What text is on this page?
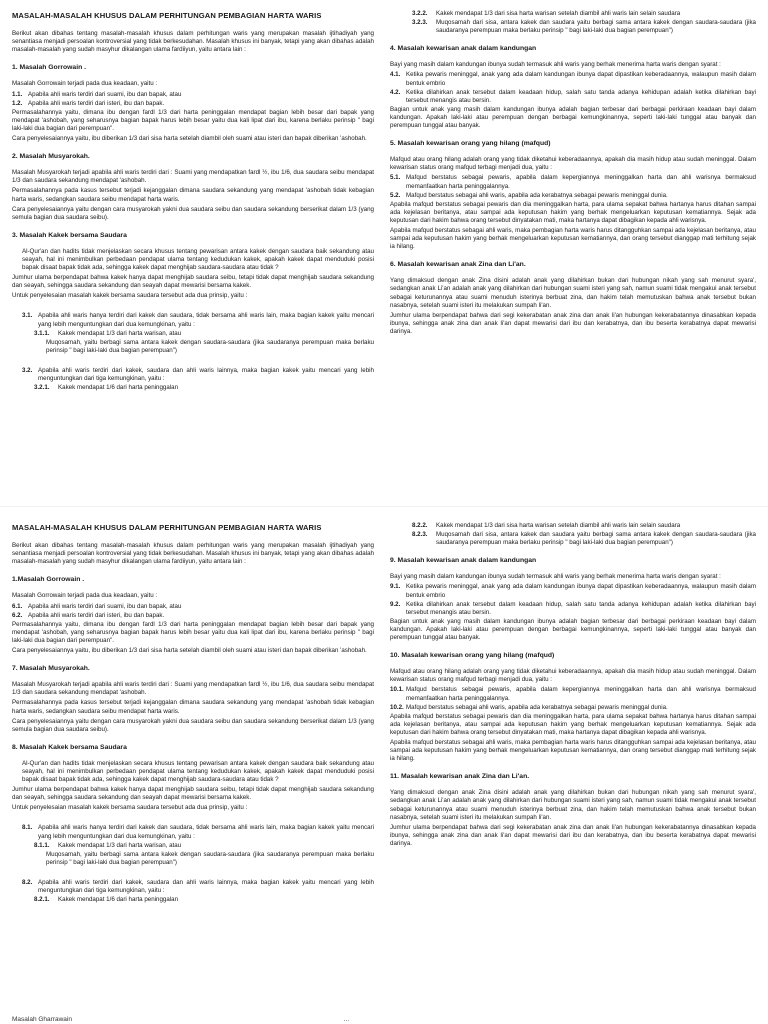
MASALAH-MASALAH KHUSUS DALAM PERHITUNGAN PEMBAGIAN HARTA WARIS

Berikut akan dibahas tentang masalah-masalah khusus dalam perhitungan waris yang merupakan masalah ijtihadiyah yang senantiasa menjadi persoalan kontroversial yang tidak berkesudahan. Masalah khusus ini banyak, tetapi yang akan dibahas adalah masalah-masalah yang sudah masyhur dikalangan ulama fardiiyun, yaitu antara lain :

1. Masalah Gorrowain .

Masalah Gorrowain terjadi pada dua keadaan, yaitu :

1.1. Apabila ahli waris terdiri dari suami, ibu dan bapak, atau
1.2. Apabila ahli waris terdiri dari isteri, ibu dan bapak.

Permasalahannya yaitu, dimana ibu dengan fardl 1/3 dari harta peninggalan mendapat bagian lebih besar dari bapak yang mendapat 'ashobah, yang seharusnya bagian bapak harus lebih besar yaitu dua kali lipat dari ibu, karena berlaku perinsip " bagi laki-laki dua bagian dari perempuan".

Cara penyelesaiannya yaitu, ibu diberikan 1/3 dari sisa harta setelah diambil oleh suami atau isteri dan bapak diberikan 'ashobah.

2. Masalah Musyarokah.

Masalah Musyarokah terjadi apabila ahli waris terdiri dari : Suami yang mendapatkan fardl ½, ibu 1/6, dua saudara seibu mendapat 1/3 dan saudara sekandung mendapat 'ashobah.

Permasalahannya pada kasus tersebut terjadi kejanggalan dimana saudara sekandung yang mendapat 'ashobah tidak kebagian harta waris, sedangkan saudara seibu mendapat harta waris.

Cara penyelesaiannya yaitu dengan cara musyarokah yakni dua saudara seibu dan saudara sekandung berserikat dalam 1/3 (yang semula bagian dua saudara seibu).

3. Masalah Kakek bersama Saudara

Al-Qur'an dan hadits tidak menjelaskan secara khusus tentang pewarisan antara kakek dengan saudara baik sekandung atau seayah, hal ini menimbulkan perbedaan pendapat ulama tentang kedudukan kakek, apakah kakek dapat menduduki posisi bapak disaat bapak tidak ada, sehingga kakek dapat menghijab saudara-saudara atau tidak ?

Jumhur ulama berpendapat bahwa kakek hanya dapat menghijab saudara seibu, tetapi tidak dapat menghijab saudara sekandung dan seayah, sehingga saudara sekandung dan seayah dapat mewarisi bersama kakek.

Untuk penyelesaian masalah kakek bersama saudara tersebut ada dua prinsip, yaitu :

3.1. Apabila ahli waris hanya terdiri dari kakek dan saudara, tidak bersama ahli waris lain, maka bagian kakek yaitu mencari yang lebih menguntungkan dari dua kemungkinan, yaitu :
3.1.1.	Kakek mendapat 1/3 dari harta warisan, atau

Muqosamah, yaitu berbagi sama antara kakek dengan saudara-saudara (jika saudaranya perempuan maka berlaku perinsip " bagi laki-laki dua bagian perempuan")

3.2. Apabila ahli waris terdiri dari kakek, saudara dan ahli waris lainnya, maka bagian kakek yaitu mencari yang lebih menguntungkan dari tiga kemungkinan, yaitu :
3.2.1.	Kakek mendapat 1/6 dari harta peninggalan
3.2.2.	Kakek mendapat 1/3 dari sisa harta warisan setelah diambil ahli waris lain selain saudara
3.2.3.	Muqosamah dari sisa, antara kakek dan saudara yaitu berbagi sama antara kakek dengan saudara-saudara (jika saudaranya perempuan maka berlaku perinsip " bagi laki-laki dua bagian perempuan")
4. Masalah kewarisan anak dalam kandungan

Bayi yang masih dalam kandungan ibunya sudah termasuk ahli waris yang berhak menerima harta waris dengan syarat :

4.1. Ketika pewaris meninggal, anak yang ada dalam kandungan ibunya dapat dipastikan keberadaannya, walaupun masih dalam bentuk embrio
4.2. Ketika dilahirkan anak tersebut dalam keadaan hidup, salah satu tanda adanya kehidupan adalah ketika dilahirkan bayi tersebut menangis atau bersin.

Bagian untuk anak yang masih dalam kandungan ibunya adalah bagian terbesar dari berbagai perkiraan keadaan bayi dalam kandungan. Apakah laki-laki atau perempuan dengan berbagai kemungkinannya, seperti laki-laki tunggal atau banyak dan perempuan tunggal atau banyak.

5. Masalah kewarisan orang yang hilang (mafqud)

Mafqud atau orang hilang adalah orang yang tidak diketahui keberadaannya, apakah dia masih hidup atau sudah meninggal. Dalam kewarisan status orang mafqud terbagi menjadi dua, yaitu :

5.1. Mafqud berstatus sebagai pewaris, apabila dalam kepergiannya meninggalkan harta dan ahli warisnya bermaksud memanfaatkan harta peninggalannya.
5.2. Mafqud berstatus sebagai ahli waris, apabila ada kerabatnya sebagai pewaris meninggal dunia.

Apabila mafqud berstatus sebagai pewaris dan dia meninggalkan harta, para ulama sepakat bahwa hartanya harus ditahan sampai ada kejelasan beritanya, atau sampai ada keputusan hakim yang berhak mengeluarkan keputusan kematiannya. Sejak ada keputusan dari hakim bahwa orang tersebut dinyatakan mati, maka hartanya dapat dibagikan kepada ahli warisnya.

Apabila mafqud berstatus sebagai ahli waris, maka pembagian harta waris harus ditangguhkan sampai ada kejelasan beritanya, atau sampai ada keputusan hakim yang berhak mengeluarkan keputusan kematiannya, dan orang tersebut dianggap mati terhitung sejak ia hilang.

6. Masalah kewarisan anak Zina dan Li'an.

Yang dimaksud dengan anak Zina disini adalah anak yang dilahirkan bukan dari hubungan nikah yang sah menurut syara', sedangkan anak Li'an adalah anak yang dilahirkan dari hubungan suami isteri yang sah, namun suami tidak mengakui anak tersebut sebagai keturunannya atau suami menuduh isterinya berbuat zina, dan hakim telah memutuskan bahwa anak tersebut bukan nasabnya, setelah suami isteri itu melakukan sumpah li'an.

Jumhur ulama berpendapat bahwa dari segi kekerabatan anak zina dan anak li'an hubungan kekerabatannya dinasabkan kepada ibunya, sehingga anak zina dan anak li'an dapat mewarisi dari ibu dan kerabatnya, dan ibu beserta kerabatnya dapat mewarisi darinya.

MASALAH-MASALAH KHUSUS DALAM PERHITUNGAN PEMBAGIAN HARTA WARIS

Berikut akan dibahas tentang masalah-masalah khusus dalam perhitungan waris yang merupakan masalah ijtihadiyah yang senantiasa menjadi persoalan kontroversial yang tidak berkesudahan. Masalah khusus ini banyak, tetapi yang akan dibahas adalah masalah-masalah yang sudah masyhur dikalangan ulama fardiiyun, yaitu antara lain :

1.Masalah Gorrowain .

Masalah Gorrowain terjadi pada dua keadaan, yaitu :

6.1. Apabila ahli waris terdiri dari suami, ibu dan bapak, atau
6.2. Apabila ahli waris terdiri dari isteri, ibu dan bapak.

Permasalahannya yaitu, dimana ibu dengan fardl 1/3 dari harta peninggalan mendapat bagian lebih besar dari bapak yang mendapat 'ashobah, yang seharusnya bagian bapak harus lebih besar yaitu dua kali lipat dari ibu, karena berlaku perinsip " bagi laki-laki dua bagian dari perempuan".

Cara penyelesaiannya yaitu, ibu diberikan 1/3 dari sisa harta setelah diambil oleh suami atau isteri dan bapak diberikan 'ashobah.

7. Masalah Musyarokah.

Masalah Musyarokah terjadi apabila ahli waris terdiri dari : Suami yang mendapatkan fardl ½, ibu 1/6, dua saudara seibu mendapat 1/3 dan saudara sekandung mendapat 'ashobah.

Permasalahannya pada kasus tersebut terjadi kejanggalan dimana saudara sekandung yang mendapat 'ashobah tidak kebagian harta waris, sedangkan saudara seibu mendapat harta waris.

Cara penyelesaiannya yaitu dengan cara musyarokah yakni dua saudara seibu dan saudara sekandung berserikat dalam 1/3 (yang semula bagian dua saudara seibu).

8. Masalah Kakek bersama Saudara

Al-Qur'an dan hadits tidak menjelaskan secara khusus tentang pewarisan antara kakek dengan saudara baik sekandung atau seayah, hal ini menimbulkan perbedaan pendapat ulama tentang kedudukan kakek, apakah kakek dapat menduduki posisi bapak disaat bapak tidak ada, sehingga kakek dapat menghijab saudara-saudara atau tidak ?

Jumhur ulama berpendapat bahwa kakek hanya dapat menghijab saudara seibu, tetapi tidak dapat menghijab saudara sekandung dan seayah, sehingga saudara sekandung dan seayah dapat mewarisi bersama kakek.

Untuk penyelesaian masalah kakek bersama saudara tersebut ada dua prinsip, yaitu :

8.1. Apabila ahli waris hanya terdiri dari kakek dan saudara, tidak bersama ahli waris lain, maka bagian kakek yaitu mencari yang lebih menguntungkan dari dua kemungkinan, yaitu :
8.1.1.	Kakek mendapat 1/3 dari harta warisan, atau

Muqosamah, yaitu berbagi sama antara kakek dengan saudara-saudara (jika saudaranya perempuan maka berlaku perinsip " bagi laki-laki dua bagian perempuan")

8.2. Apabila ahli waris terdiri dari kakek, saudara dan ahli waris lainnya, maka bagian kakek yaitu mencari yang lebih menguntungkan dari tiga kemungkinan, yaitu :
8.2.1.	Kakek mendapat 1/6 dari harta peninggalan
8.2.2.	Kakek mendapat 1/3 dari sisa harta warisan setelah diambil ahli waris lain selain saudara
8.2.3.	Muqosamah dari sisa, antara kakek dan saudara yaitu berbagi sama antara kakek dengan saudara-saudara (jika saudaranya perempuan maka berlaku perinsip " bagi laki-laki dua bagian perempuan")
9. Masalah kewarisan anak dalam kandungan

Bayi yang masih dalam kandungan ibunya sudah termasuk ahli waris yang berhak menerima harta waris dengan syarat :

9.1. Ketika pewaris meninggal, anak yang ada dalam kandungan ibunya dapat dipastikan keberadaannya, walaupun masih dalam bentuk embrio
9.2. Ketika dilahirkan anak tersebut dalam keadaan hidup, salah satu tanda adanya kehidupan adalah ketika dilahirkan bayi tersebut menangis atau bersin.

Bagian untuk anak yang masih dalam kandungan ibunya adalah bagian terbesar dari berbagai perkiraan keadaan bayi dalam kandungan. Apakah laki-laki atau perempuan dengan berbagai kemungkinannya, seperti laki-laki tunggal atau banyak dan perempuan tunggal atau banyak.

10. Masalah kewarisan orang yang hilang (mafqud)

Mafqud atau orang hilang adalah orang yang tidak diketahui keberadaannya, apakah dia masih hidup atau sudah meninggal. Dalam kewarisan status orang mafqud terbagi menjadi dua, yaitu :

10.1. Mafqud berstatus sebagai pewaris, apabila dalam kepergiannya meninggalkan harta dan ahli warisnya bermaksud memanfaatkan harta peninggalannya.
10.2. Mafqud berstatus sebagai ahli waris, apabila ada kerabatnya sebagai pewaris meninggal dunia.

Apabila mafqud berstatus sebagai pewaris dan dia meninggalkan harta, para ulama sepakat bahwa hartanya harus ditahan sampai ada kejelasan beritanya, atau sampai ada keputusan hakim yang berhak mengeluarkan keputusan kematiannya. Sejak ada keputusan dari hakim bahwa orang tersebut dinyatakan mati, maka hartanya dapat dibagikan kepada ahli warisnya.

Apabila mafqud berstatus sebagai ahli waris, maka pembagian harta waris harus ditangguhkan sampai ada kejelasan beritanya, atau sampai ada keputusan hakim yang berhak mengeluarkan keputusan kematiannya, dan orang tersebut dianggap mati terhitung sejak ia hilang.

11. Masalah kewarisan anak Zina dan Li'an.

Yang dimaksud dengan anak Zina disini adalah anak yang dilahirkan bukan dari hubungan nikah yang sah menurut syara', sedangkan anak Li'an adalah anak yang dilahirkan dari hubungan suami isteri yang sah, namun suami tidak mengakui anak tersebut sebagai keturunannya atau suami menuduh isterinya berbuat zina, dan hakim telah memutuskan bahwa anak tersebut bukan nasabnya, setelah suami isteri itu melakukan sumpah li'an.

Jumhur ulama berpendapat bahwa dari segi kekerabatan anak zina dan anak li'an hubungan kekerabatannya dinasabkan kepada ibunya, sehingga anak zina dan anak li'an dapat mewarisi dari ibu dan kerabatnya, dan ibu beserta kerabatnya dapat mewarisi darinya.

Masalah Gharrawain	...
